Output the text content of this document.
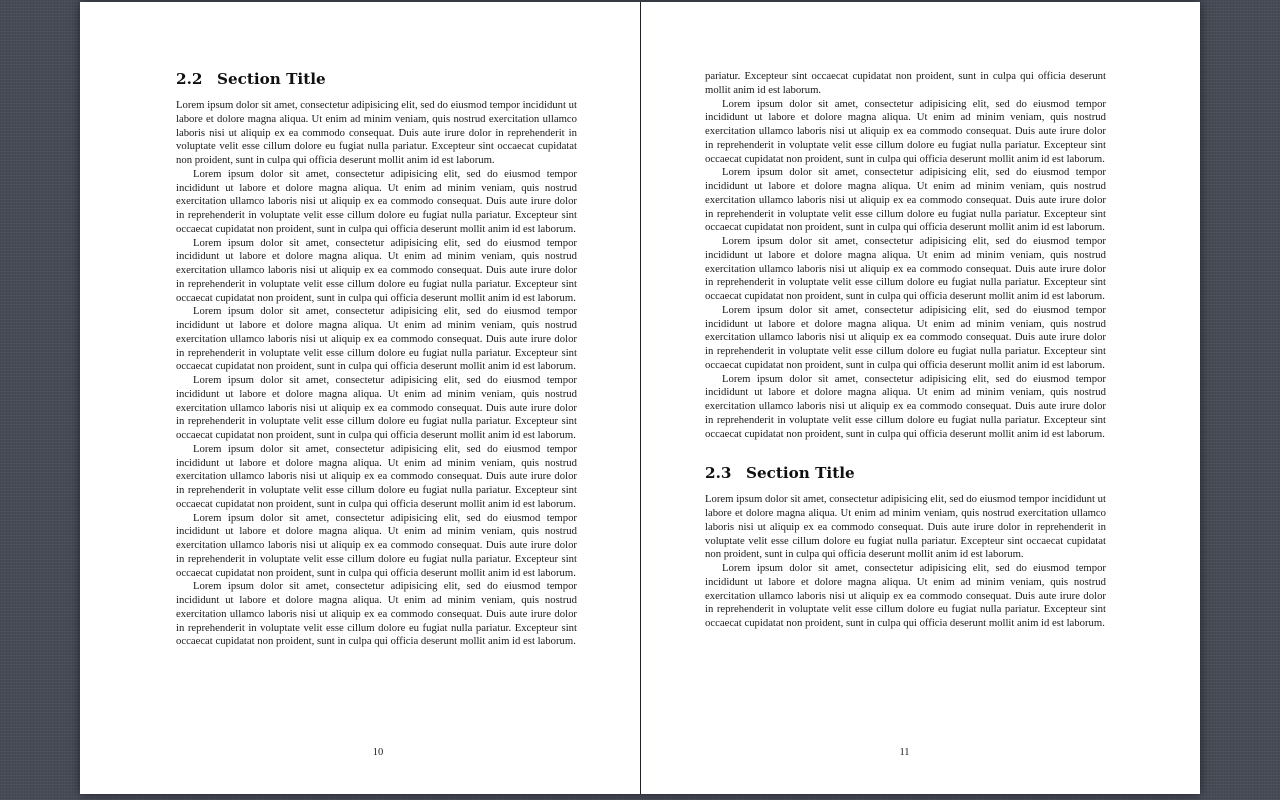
2.2 Section Title

Lorem ipsum dolor sit amet, consectetur adipisicing elit, sed do eiusmod tempor incididunt ut labore et dolore magna aliqua. Ut enim ad minim veniam, quis nostrud exercitation ullamco laboris nisi ut aliquip ex ea commodo consequat. Duis aute irure dolor in reprehenderit in voluptate velit esse cillum dolore eu fugiat nulla pariatur. Excepteur sint occaecat cupidatat non proident, sunt in culpa qui officia deserunt mollit anim id est laborum.

Lorem ipsum dolor sit amet, consectetur adipisicing elit, sed do eiusmod tempor incididunt ut labore et dolore magna aliqua. Ut enim ad minim veniam, quis nostrud exercitation ullamco laboris nisi ut aliquip ex ea commodo consequat. Duis aute irure dolor in reprehenderit in voluptate velit esse cillum dolore eu fugiat nulla pariatur. Excepteur sint occaecat cupidatat non proident, sunt in culpa qui officia deserunt mollit anim id est laborum.

Lorem ipsum dolor sit amet, consectetur adipisicing elit, sed do eiusmod tempor incididunt ut labore et dolore magna aliqua. Ut enim ad minim veniam, quis nostrud exercitation ullamco laboris nisi ut aliquip ex ea commodo consequat. Duis aute irure dolor in reprehenderit in voluptate velit esse cillum dolore eu fugiat nulla pariatur. Excepteur sint occaecat cupidatat non proident, sunt in culpa qui officia deserunt mollit anim id est laborum.

Lorem ipsum dolor sit amet, consectetur adipisicing elit, sed do eiusmod tempor incididunt ut labore et dolore magna aliqua. Ut enim ad minim veniam, quis nostrud exercitation ullamco laboris nisi ut aliquip ex ea commodo consequat. Duis aute irure dolor in reprehenderit in voluptate velit esse cillum dolore eu fugiat nulla pariatur. Excepteur sint occaecat cupidatat non proident, sunt in culpa qui officia deserunt mollit anim id est laborum.

Lorem ipsum dolor sit amet, consectetur adipisicing elit, sed do eiusmod tempor incididunt ut labore et dolore magna aliqua. Ut enim ad minim veniam, quis nostrud exercitation ullamco laboris nisi ut aliquip ex ea commodo consequat. Duis aute irure dolor in reprehenderit in voluptate velit esse cillum dolore eu fugiat nulla pariatur. Excepteur sint occaecat cupidatat non proident, sunt in culpa qui officia deserunt mollit anim id est laborum.

Lorem ipsum dolor sit amet, consectetur adipisicing elit, sed do eiusmod tempor incididunt ut labore et dolore magna aliqua. Ut enim ad minim veniam, quis nostrud exercitation ullamco laboris nisi ut aliquip ex ea commodo consequat. Duis aute irure dolor in reprehenderit in voluptate velit esse cillum dolore eu fugiat nulla pariatur. Excepteur sint occaecat cupidatat non proident, sunt in culpa qui officia deserunt mollit anim id est laborum.

Lorem ipsum dolor sit amet, consectetur adipisicing elit, sed do eiusmod tempor incididunt ut labore et dolore magna aliqua. Ut enim ad minim veniam, quis nostrud exercitation ullamco laboris nisi ut aliquip ex ea commodo consequat. Duis aute irure dolor in reprehenderit in voluptate velit esse cillum dolore eu fugiat nulla pariatur. Excepteur sint occaecat cupidatat non proident, sunt in culpa qui officia deserunt mollit anim id est laborum.

Lorem ipsum dolor sit amet, consectetur adipisicing elit, sed do eiusmod tempor incididunt ut labore et dolore magna aliqua. Ut enim ad minim veniam, quis nostrud exercitation ullamco laboris nisi ut aliquip ex ea commodo consequat. Duis aute irure dolor in reprehenderit in voluptate velit esse cillum dolore eu fugiat nulla pariatur. Excepteur sint occaecat cupidatat non proident, sunt in culpa qui officia deserunt mollit anim id est laborum.

10

pariatur. Excepteur sint occaecat cupidatat non proident, sunt in culpa qui officia deserunt mollit anim id est laborum.

Lorem ipsum dolor sit amet, consectetur adipisicing elit, sed do eiusmod tempor incididunt ut labore et dolore magna aliqua. Ut enim ad minim veniam, quis nostrud exercitation ullamco laboris nisi ut aliquip ex ea commodo consequat. Duis aute irure dolor in reprehenderit in voluptate velit esse cillum dolore eu fugiat nulla pariatur. Excepteur sint occaecat cupidatat non proident, sunt in culpa qui officia deserunt mollit anim id est laborum.

Lorem ipsum dolor sit amet, consectetur adipisicing elit, sed do eiusmod tempor incididunt ut labore et dolore magna aliqua. Ut enim ad minim veniam, quis nostrud exercitation ullamco laboris nisi ut aliquip ex ea commodo consequat. Duis aute irure dolor in reprehenderit in voluptate velit esse cillum dolore eu fugiat nulla pariatur. Excepteur sint occaecat cupidatat non proident, sunt in culpa qui officia deserunt mollit anim id est laborum.

Lorem ipsum dolor sit amet, consectetur adipisicing elit, sed do eiusmod tempor incididunt ut labore et dolore magna aliqua. Ut enim ad minim veniam, quis nostrud exercitation ullamco laboris nisi ut aliquip ex ea commodo consequat. Duis aute irure dolor in reprehenderit in voluptate velit esse cillum dolore eu fugiat nulla pariatur. Excepteur sint occaecat cupidatat non proident, sunt in culpa qui officia deserunt mollit anim id est laborum.

Lorem ipsum dolor sit amet, consectetur adipisicing elit, sed do eiusmod tempor incididunt ut labore et dolore magna aliqua. Ut enim ad minim veniam, quis nostrud exercitation ullamco laboris nisi ut aliquip ex ea commodo consequat. Duis aute irure dolor in reprehenderit in voluptate velit esse cillum dolore eu fugiat nulla pariatur. Excepteur sint occaecat cupidatat non proident, sunt in culpa qui officia deserunt mollit anim id est laborum.

Lorem ipsum dolor sit amet, consectetur adipisicing elit, sed do eiusmod tempor incididunt ut labore et dolore magna aliqua. Ut enim ad minim veniam, quis nostrud exercitation ullamco laboris nisi ut aliquip ex ea commodo consequat. Duis aute irure dolor in reprehenderit in voluptate velit esse cillum dolore eu fugiat nulla pariatur. Excepteur sint occaecat cupidatat non proident, sunt in culpa qui officia deserunt mollit anim id est laborum.

2.3 Section Title

Lorem ipsum dolor sit amet, consectetur adipisicing elit, sed do eiusmod tempor incididunt ut labore et dolore magna aliqua. Ut enim ad minim veniam, quis nostrud exercitation ullamco laboris nisi ut aliquip ex ea commodo consequat. Duis aute irure dolor in reprehenderit in voluptate velit esse cillum dolore eu fugiat nulla pariatur. Excepteur sint occaecat cupidatat non proident, sunt in culpa qui officia deserunt mollit anim id est laborum.

Lorem ipsum dolor sit amet, consectetur adipisicing elit, sed do eiusmod tempor incididunt ut labore et dolore magna aliqua. Ut enim ad minim veniam, quis nostrud exercitation ullamco laboris nisi ut aliquip ex ea commodo consequat. Duis aute irure dolor in reprehenderit in voluptate velit esse cillum dolore eu fugiat nulla pariatur. Excepteur sint occaecat cupidatat non proident, sunt in culpa qui officia deserunt mollit anim id est laborum.

11
